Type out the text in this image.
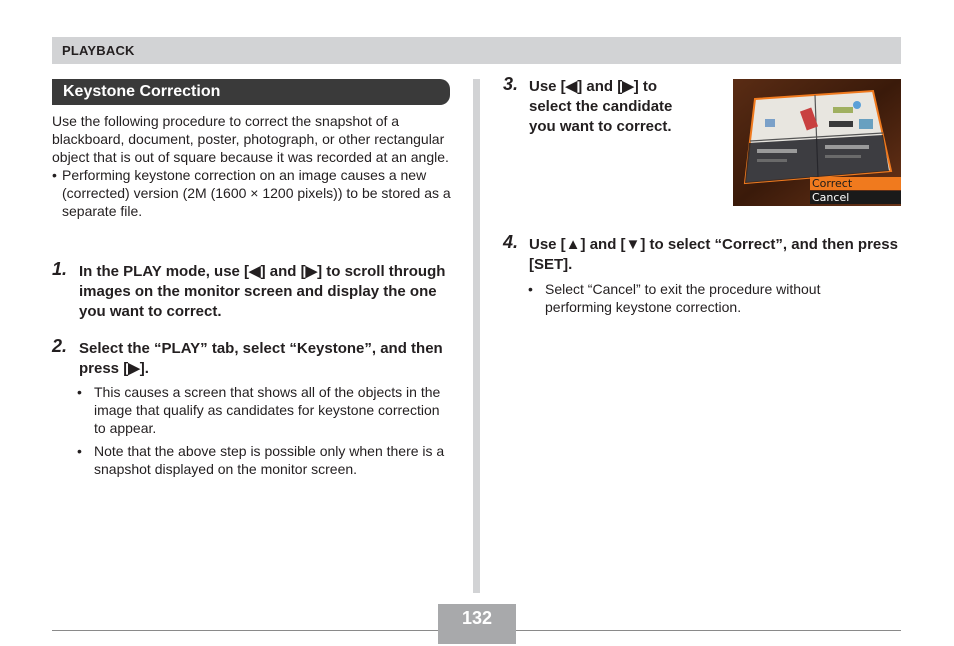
PLAYBACK
Keystone Correction

Use the following procedure to correct the snapshot of a blackboard, document, poster, photograph, or other rectangular object that is out of square because it was recorded at an angle.

• Performing keystone correction on an image causes a new (corrected) version (2M (1600 × 1200 pixels)) to be stored as a separate file.
1. In the PLAY mode, use [◀] and [▶] to scroll through images on the monitor screen and display the one you want to correct.
2. Select the “PLAY” tab, select “Keystone”, and then press [▶].
• This causes a screen that shows all of the objects in the image that qualify as candidates for keystone correction to appear.
• Note that the above step is possible only when there is a snapshot displayed on the monitor screen.
3. Use [◀] and [▶] to select the candidate you want to correct.
Correct
Cancel
4. Use [▲] and [▼] to select “Correct”, and then press [SET].
• Select “Cancel” to exit the procedure without performing keystone correction.
132
